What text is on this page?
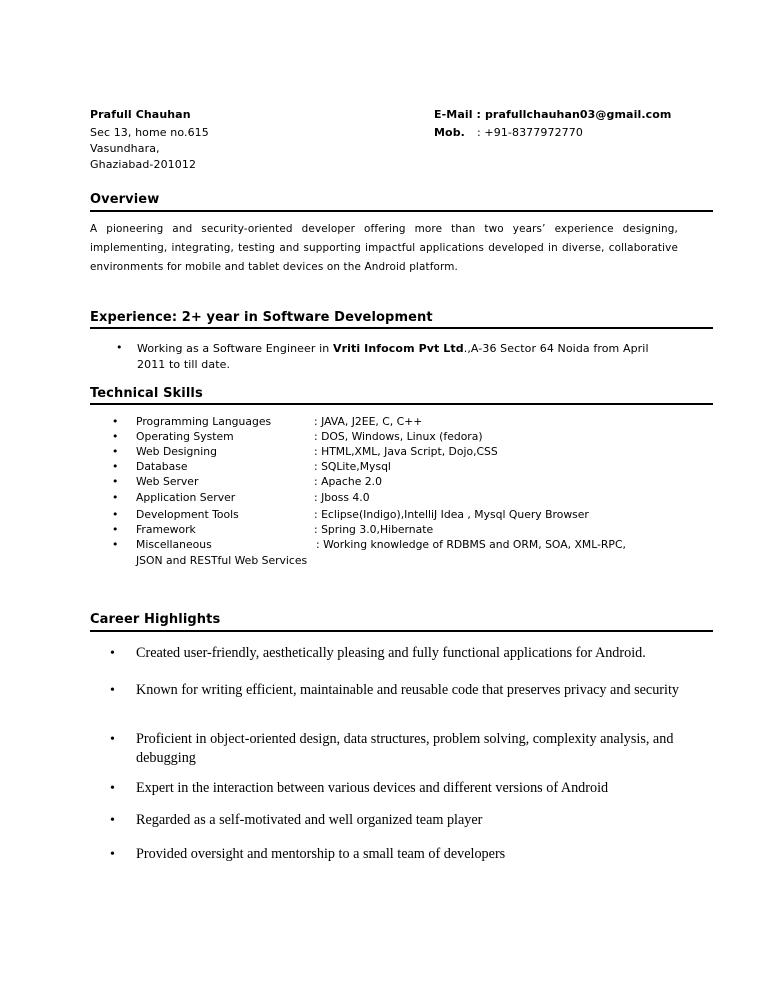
Prafull Chauhan
Sec 13, home no.615
Vasundhara,
Ghaziabad-201012
E-Mail : prafullchauhan03@gmail.com
Mob. : +91-8377972770
Overview
A pioneering and security-oriented developer offering more than two years’ experience designing, implementing, integrating, testing and supporting impactful applications developed in diverse, collaborative environments for mobile and tablet devices on the Android platform.
Experience: 2+ year in Software Development
• Working as a Software Engineer in Vriti Infocom Pvt Ltd.,A-36 Sector 64 Noida from April
2011 to till date.
Technical Skills
• Programming Languages	: JAVA, J2EE, C, C++
• Operating System	: DOS, Windows, Linux (fedora)
• Web Designing	: HTML,XML, Java Script, Dojo,CSS
• Database	: SQLite,Mysql
• Web Server	: Apache 2.0
• Application Server	: Jboss 4.0
• Development Tools	: Eclipse(Indigo),IntelliJ Idea , Mysql Query Browser
• Framework	: Spring 3.0,Hibernate
• Miscellaneous	: Working knowledge of RDBMS and ORM, SOA, XML-RPC,
JSON and RESTful Web Services
Career Highlights
• Created user-friendly, aesthetically pleasing and fully functional applications for Android.
• Known for writing efficient, maintainable and reusable code that preserves privacy and security
• Proficient in object-oriented design, data structures, problem solving, complexity analysis, and debugging
• Expert in the interaction between various devices and different versions of Android
• Regarded as a self-motivated and well organized team player
• Provided oversight and mentorship to a small team of developers
